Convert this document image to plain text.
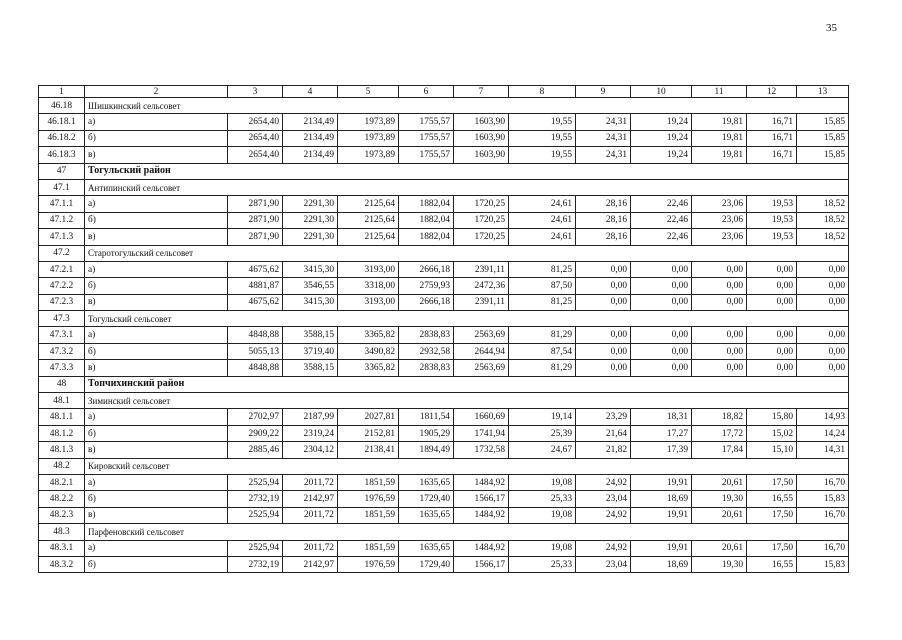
35
1	2	3	4	5	6	7	8	9	10	11	12	13
46.18	Шишкинский сельсовет											
46.18.1	а)	2654,40	2134,49	1973,89	1755,57	1603,90	19,55	24,31	19,24	19,81	16,71	15,85
46.18.2	б)	2654,40	2134,49	1973,89	1755,57	1603,90	19,55	24,31	19,24	19,81	16,71	15,85
46.18.3	в)	2654,40	2134,49	1973,89	1755,57	1603,90	19,55	24,31	19,24	19,81	16,71	15,85
47	Тогульский район											
47.1	Антипинский сельсовет											
47.1.1	а)	2871,90	2291,30	2125,64	1882,04	1720,25	24,61	28,16	22,46	23,06	19,53	18,52
47.1.2	б)	2871,90	2291,30	2125,64	1882,04	1720,25	24,61	28,16	22,46	23,06	19,53	18,52
47.1.3	в)	2871,90	2291,30	2125,64	1882,04	1720,25	24,61	28,16	22,46	23,06	19,53	18,52
47.2	Старотогульский сельсовет											
47.2.1	а)	4675,62	3415,30	3193,00	2666,18	2391,11	81,25	0,00	0,00	0,00	0,00	0,00
47.2.2	б)	4881,87	3546,55	3318,00	2759,93	2472,36	87,50	0,00	0,00	0,00	0,00	0,00
47.2.3	в)	4675,62	3415,30	3193,00	2666,18	2391,11	81,25	0,00	0,00	0,00	0,00	0,00
47.3	Тогульский сельсовет											
47.3.1	а)	4848,88	3588,15	3365,82	2838,83	2563,69	81,29	0,00	0,00	0,00	0,00	0,00
47.3.2	б)	5055,13	3719,40	3490,82	2932,58	2644,94	87,54	0,00	0,00	0,00	0,00	0,00
47.3.3	в)	4848,88	3588,15	3365,82	2838,83	2563,69	81,29	0,00	0,00	0,00	0,00	0,00
48	Топчихинский район											
48.1	Зиминский сельсовет											
48.1.1	а)	2702,97	2187,99	2027,81	1811,54	1660,69	19,14	23,29	18,31	18,82	15,80	14,93
48.1.2	б)	2909,22	2319,24	2152,81	1905,29	1741,94	25,39	21,64	17,27	17,72	15,02	14,24
48.1.3	в)	2885,46	2304,12	2138,41	1894,49	1732,58	24,67	21,82	17,39	17,84	15,10	14,31
48.2	Кировский сельсовет											
48.2.1	а)	2525,94	2011,72	1851,59	1635,65	1484,92	19,08	24,92	19,91	20,61	17,50	16,70
48.2.2	б)	2732,19	2142,97	1976,59	1729,40	1566,17	25,33	23,04	18,69	19,30	16,55	15,83
48.2.3	в)	2525,94	2011,72	1851,59	1635,65	1484,92	19,08	24,92	19,91	20,61	17,50	16,70
48.3	Парфеновский сельсовет											
48.3.1	а)	2525,94	2011,72	1851,59	1635,65	1484,92	19,08	24,92	19,91	20,61	17,50	16,70
48.3.2	б)	2732,19	2142,97	1976,59	1729,40	1566,17	25,33	23,04	18,69	19,30	16,55	15,83
